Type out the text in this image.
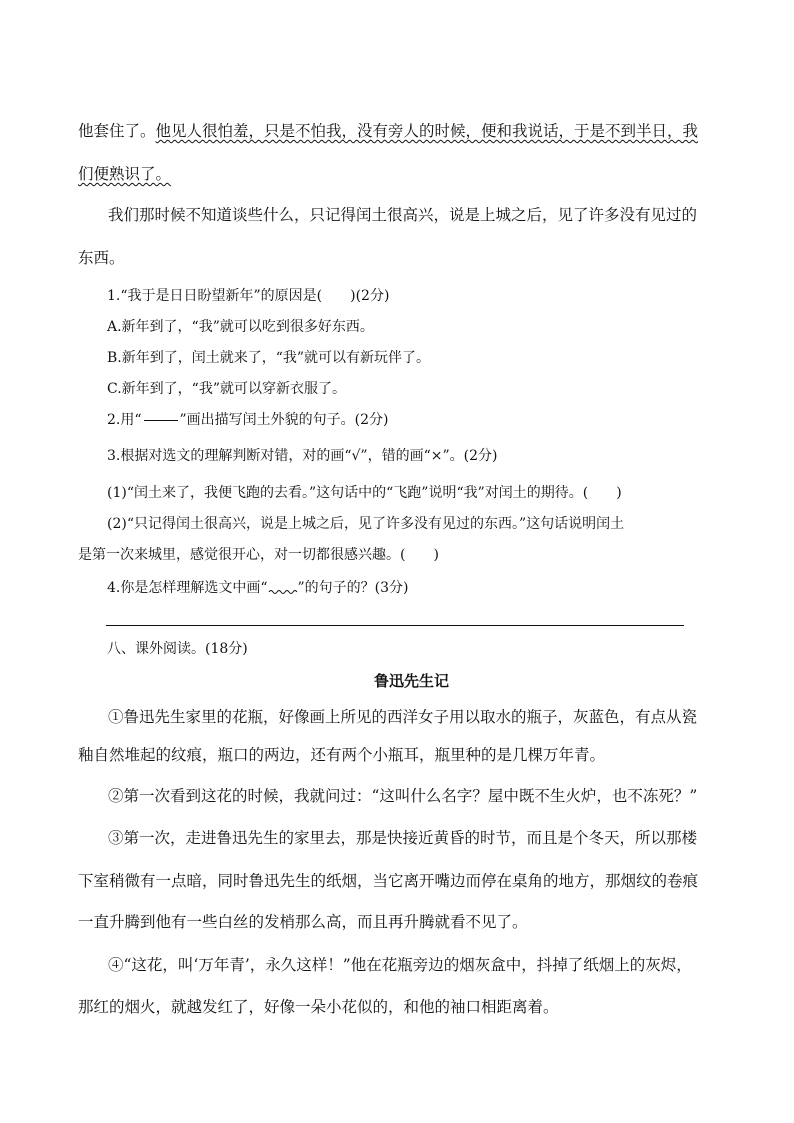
他套住了。他见人很怕羞，只是不怕我，没有旁人的时候，便和我说话，于是不到半日，我
们便熟识了。
我们那时候不知道谈些什么，只记得闰土很高兴，说是上城之后，见了许多没有见过的
东西。
1.“我于是日日盼望新年”的原因是(　　)(2分)
A.新年到了，“我”就可以吃到很多好东西。
B.新年到了，闰土就来了，“我”就可以有新玩伴了。
C.新年到了，“我”就可以穿新衣服了。
2.用“	”画出描写闰土外貌的句子。(2分)
3.根据对选文的理解判断对错，对的画“√”，错的画“×”。(2分)
(1)“闰土来了，我便飞跑的去看。”这句话中的“飞跑”说明“我”对闰土的期待。(　　)
(2)“只记得闰土很高兴，说是上城之后，见了许多没有见过的东西。”这句话说明闰土
是第一次来城里，感觉很开心，对一切都很感兴趣。(　　)
4.你是怎样理解选文中画“ ”的句子的？(3分)
八、课外阅读。(18分)
鲁迅先生记
①鲁迅先生家里的花瓶，好像画上所见的西洋女子用以取水的瓶子，灰蓝色，有点从瓷
釉自然堆起的纹痕，瓶口的两边，还有两个小瓶耳，瓶里种的是几棵万年青。
②第一次看到这花的时候，我就问过：“这叫什么名字？屋中既不生火炉，也不冻死？”
③第一次，走进鲁迅先生的家里去，那是快接近黄昏的时节，而且是个冬天，所以那楼
下室稍微有一点暗，同时鲁迅先生的纸烟，当它离开嘴边而停在桌角的地方，那烟纹的卷痕
一直升腾到他有一些白丝的发梢那么高，而且再升腾就看不见了。
④“这花，叫‘万年青’，永久这样！”他在花瓶旁边的烟灰盒中，抖掉了纸烟上的灰烬，
那红的烟火，就越发红了，好像一朵小花似的，和他的袖口相距离着。
